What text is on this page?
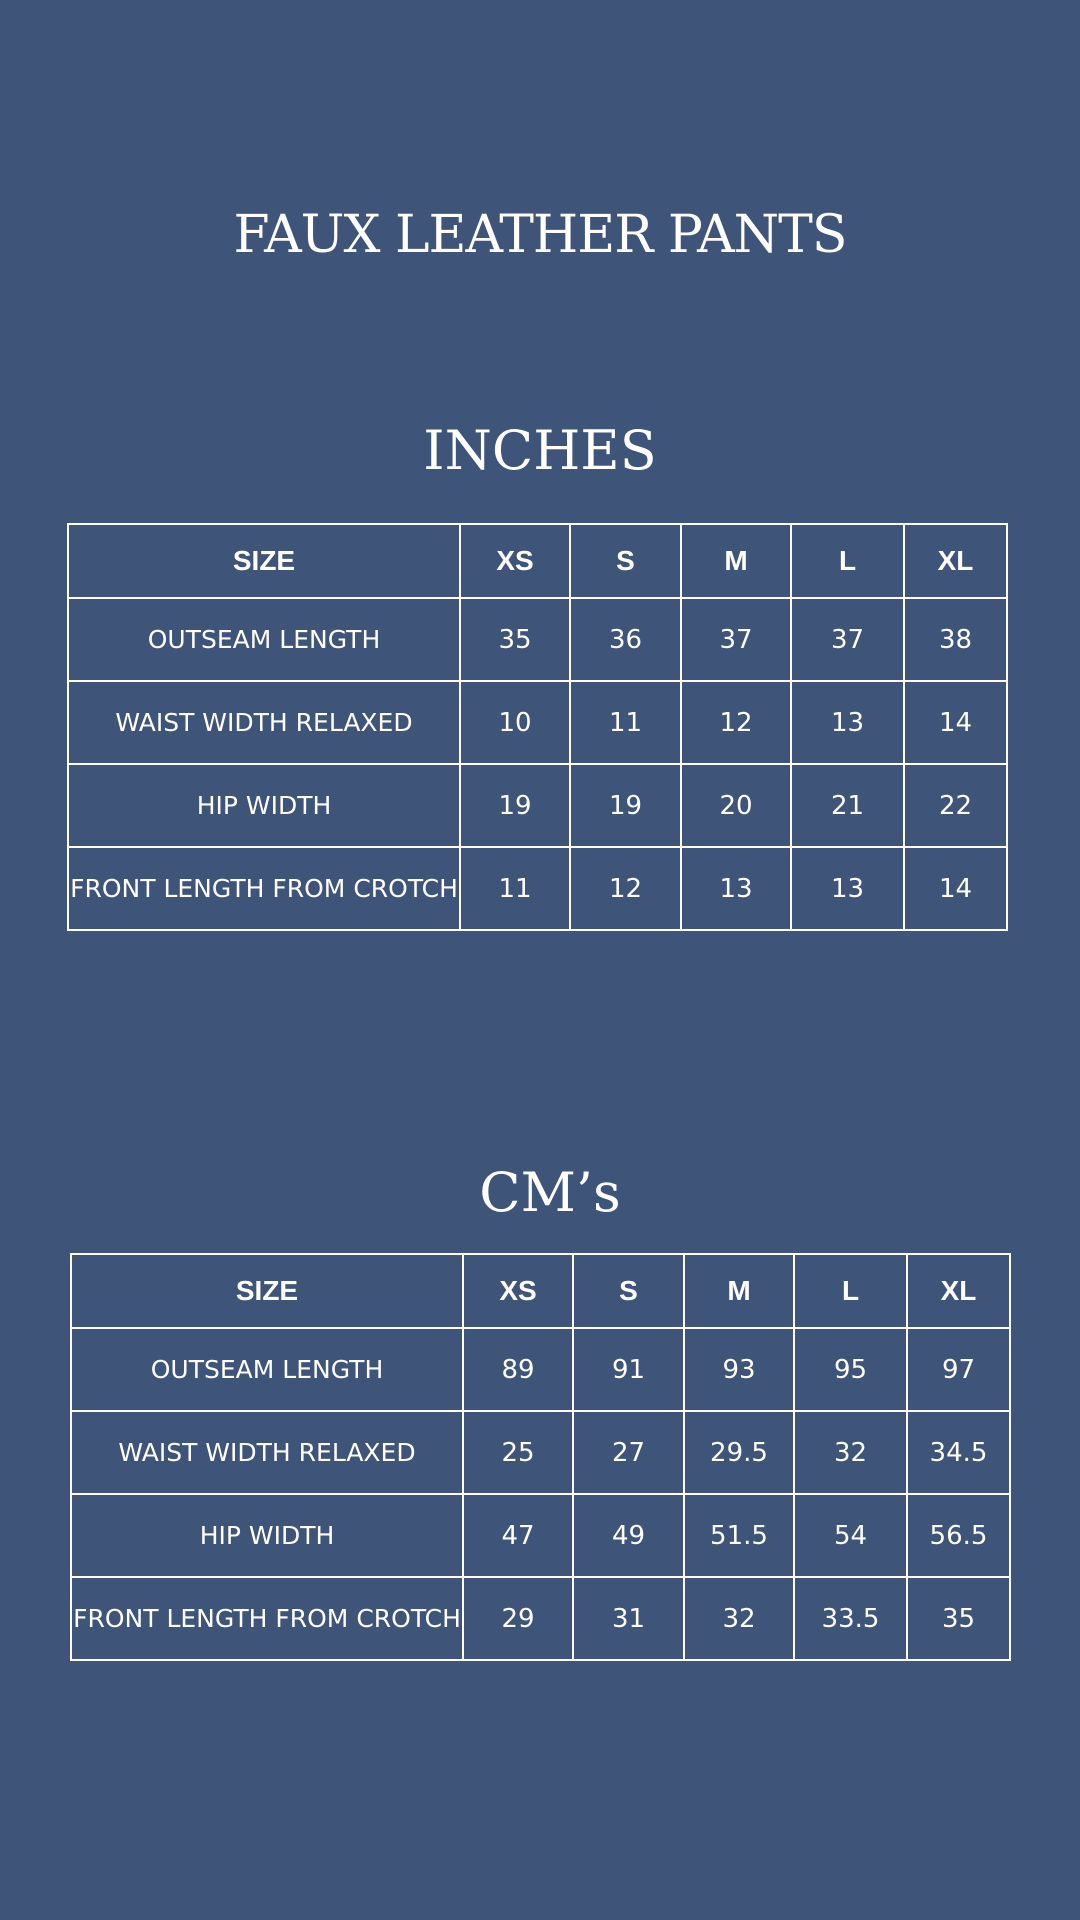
FAUX LEATHER PANTS
INCHES
SIZE	XS	S	M	L	XL
OUTSEAM LENGTH	35	36	37	37	38
WAIST WIDTH RELAXED	10	11	12	13	14
HIP WIDTH	19	19	20	21	22
FRONT LENGTH FROM CROTCH	11	12	13	13	14
CM’s
SIZE	XS	S	M	L	XL
OUTSEAM LENGTH	89	91	93	95	97
WAIST WIDTH RELAXED	25	27	29.5	32	34.5
HIP WIDTH	47	49	51.5	54	56.5
FRONT LENGTH FROM CROTCH	29	31	32	33.5	35
